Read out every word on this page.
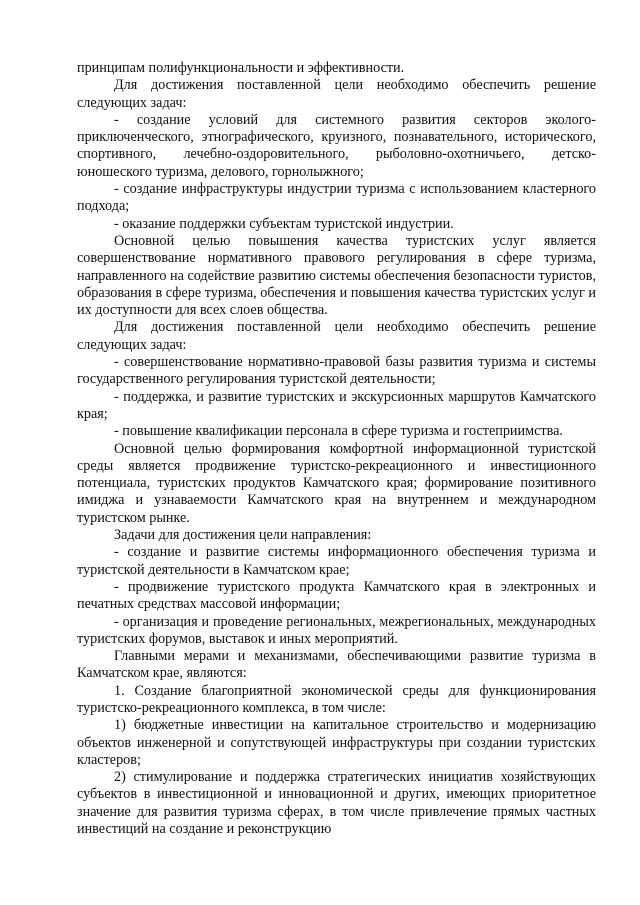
принципам полифункциональности и эффективности.

Для достижения поставленной цели необходимо обеспечить решение следующих задач:

- создание условий для системного развития секторов эколого-приключенческого, этнографического, круизного, познавательного, исторического, спортивного, лечебно-оздоровительного, рыболовно-охотничьего, детско-юношеского туризма, делового, горнолыжного;

- создание инфраструктуры индустрии туризма с использованием кластерного подхода;

- оказание поддержки субъектам туристской индустрии.

Основной целью повышения качества туристских услуг является совершенствование нормативного правового регулирования в сфере туризма, направленного на содействие развитию системы обеспечения безопасности туристов, образования в сфере туризма, обеспечения и повышения качества туристских услуг и их доступности для всех слоев общества.

Для достижения поставленной цели необходимо обеспечить решение следующих задач:

- совершенствование нормативно-правовой базы развития туризма и системы государственного регулирования туристской деятельности;

- поддержка, и развитие туристских и экскурсионных маршрутов Камчатского края;

- повышение квалификации персонала в сфере туризма и гостеприимства.

Основной целью формирования комфортной информационной туристской среды является продвижение туристско-рекреационного и инвестиционного потенциала, туристских продуктов Камчатского края; формирование позитивного имиджа и узнаваемости Камчатского края на внутреннем и международном туристском рынке.

Задачи для достижения цели направления:

- создание и развитие системы информационного обеспечения туризма и туристской деятельности в Камчатском крае;

- продвижение туристского продукта Камчатского края в электронных и печатных средствах массовой информации;

- организация и проведение региональных, межрегиональных, международных туристских форумов, выставок и иных мероприятий.

Главными мерами и механизмами, обеспечивающими развитие туризма в Камчатском крае, являются:

1. Создание благоприятной экономической среды для функционирования туристско-рекреационного комплекса, в том числе:

1) бюджетные инвестиции на капитальное строительство и модернизацию объектов инженерной и сопутствующей инфраструктуры при создании туристских кластеров;

2) стимулирование и поддержка стратегических инициатив хозяйствующих субъектов в инвестиционной и инновационной и других, имеющих приоритетное значение для развития туризма сферах, в том числе привлечение прямых частных инвестиций на создание и реконструкцию
